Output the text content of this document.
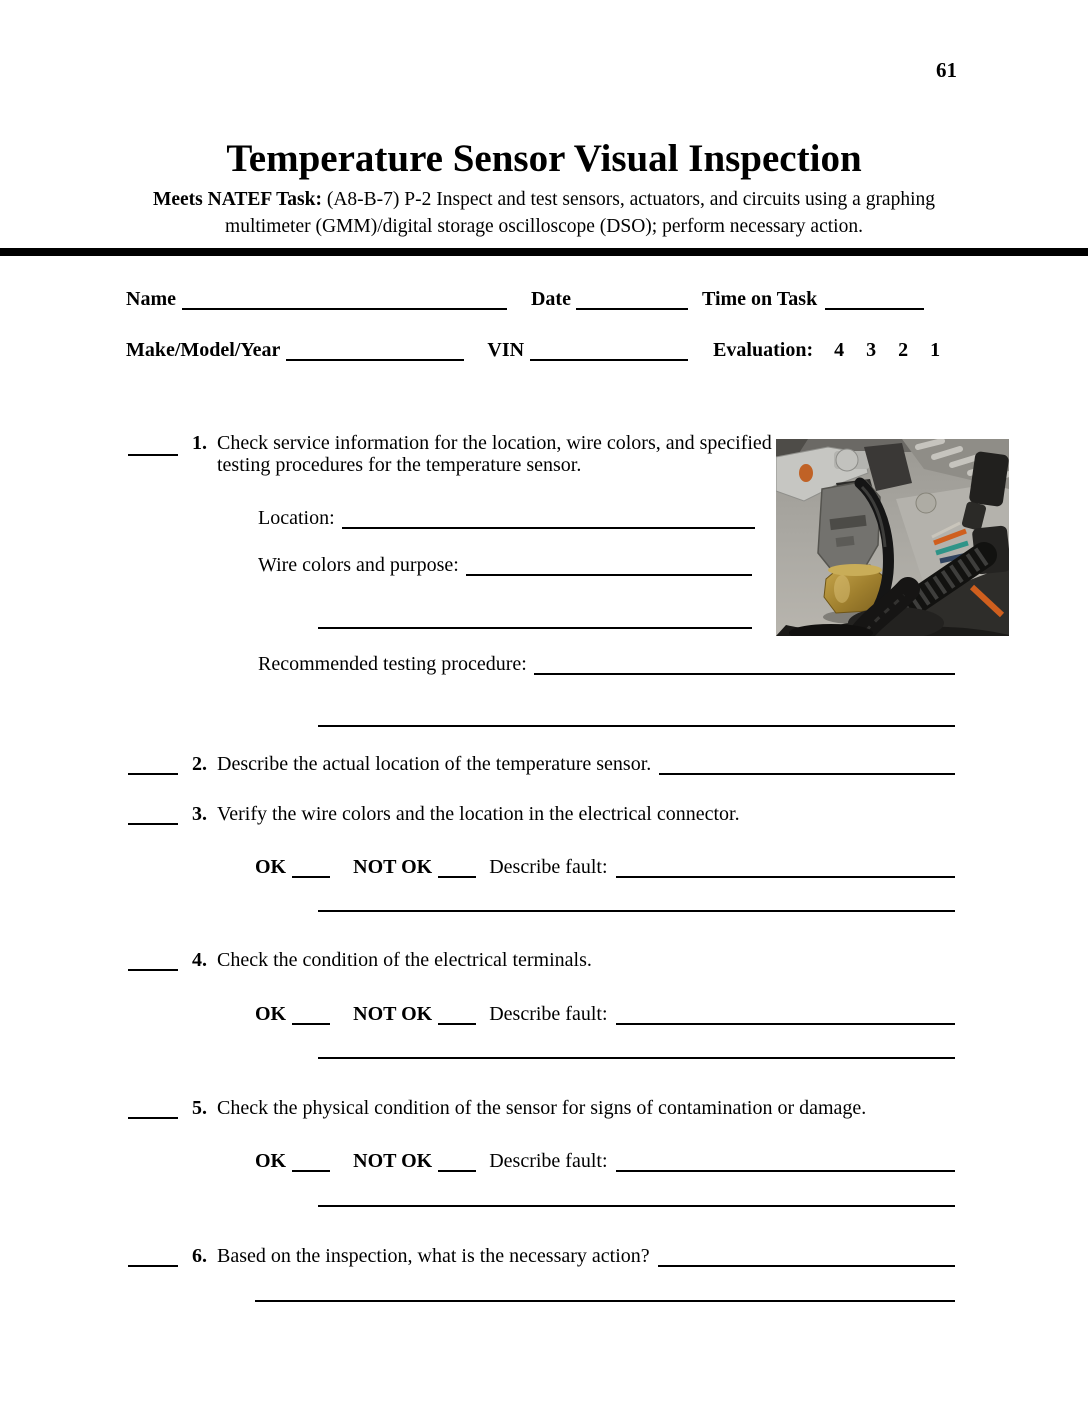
61
Temperature Sensor Visual Inspection
Meets NATEF Task: (A8-B-7) P-2 Inspect and test sensors, actuators, and circuits using a graphing multimeter (GMM)/digital storage oscilloscope (DSO); perform necessary action.
Name	Date	Time on Task
Make/Model/Year	VIN	Evaluation: 4 3 2 1
1. Check service information for the location, wire colors, and specified testing procedures for the temperature sensor.
Location:
Wire colors and purpose:
Recommended testing procedure:
2. Describe the actual location of the temperature sensor.
3. Verify the wire colors and the location in the electrical connector.
OK	NOT OK	Describe fault:
4. Check the condition of the electrical terminals.
OK	NOT OK	Describe fault:
5. Check the physical condition of the sensor for signs of contamination or damage.
OK	NOT OK	Describe fault:
6. Based on the inspection, what is the necessary action?
